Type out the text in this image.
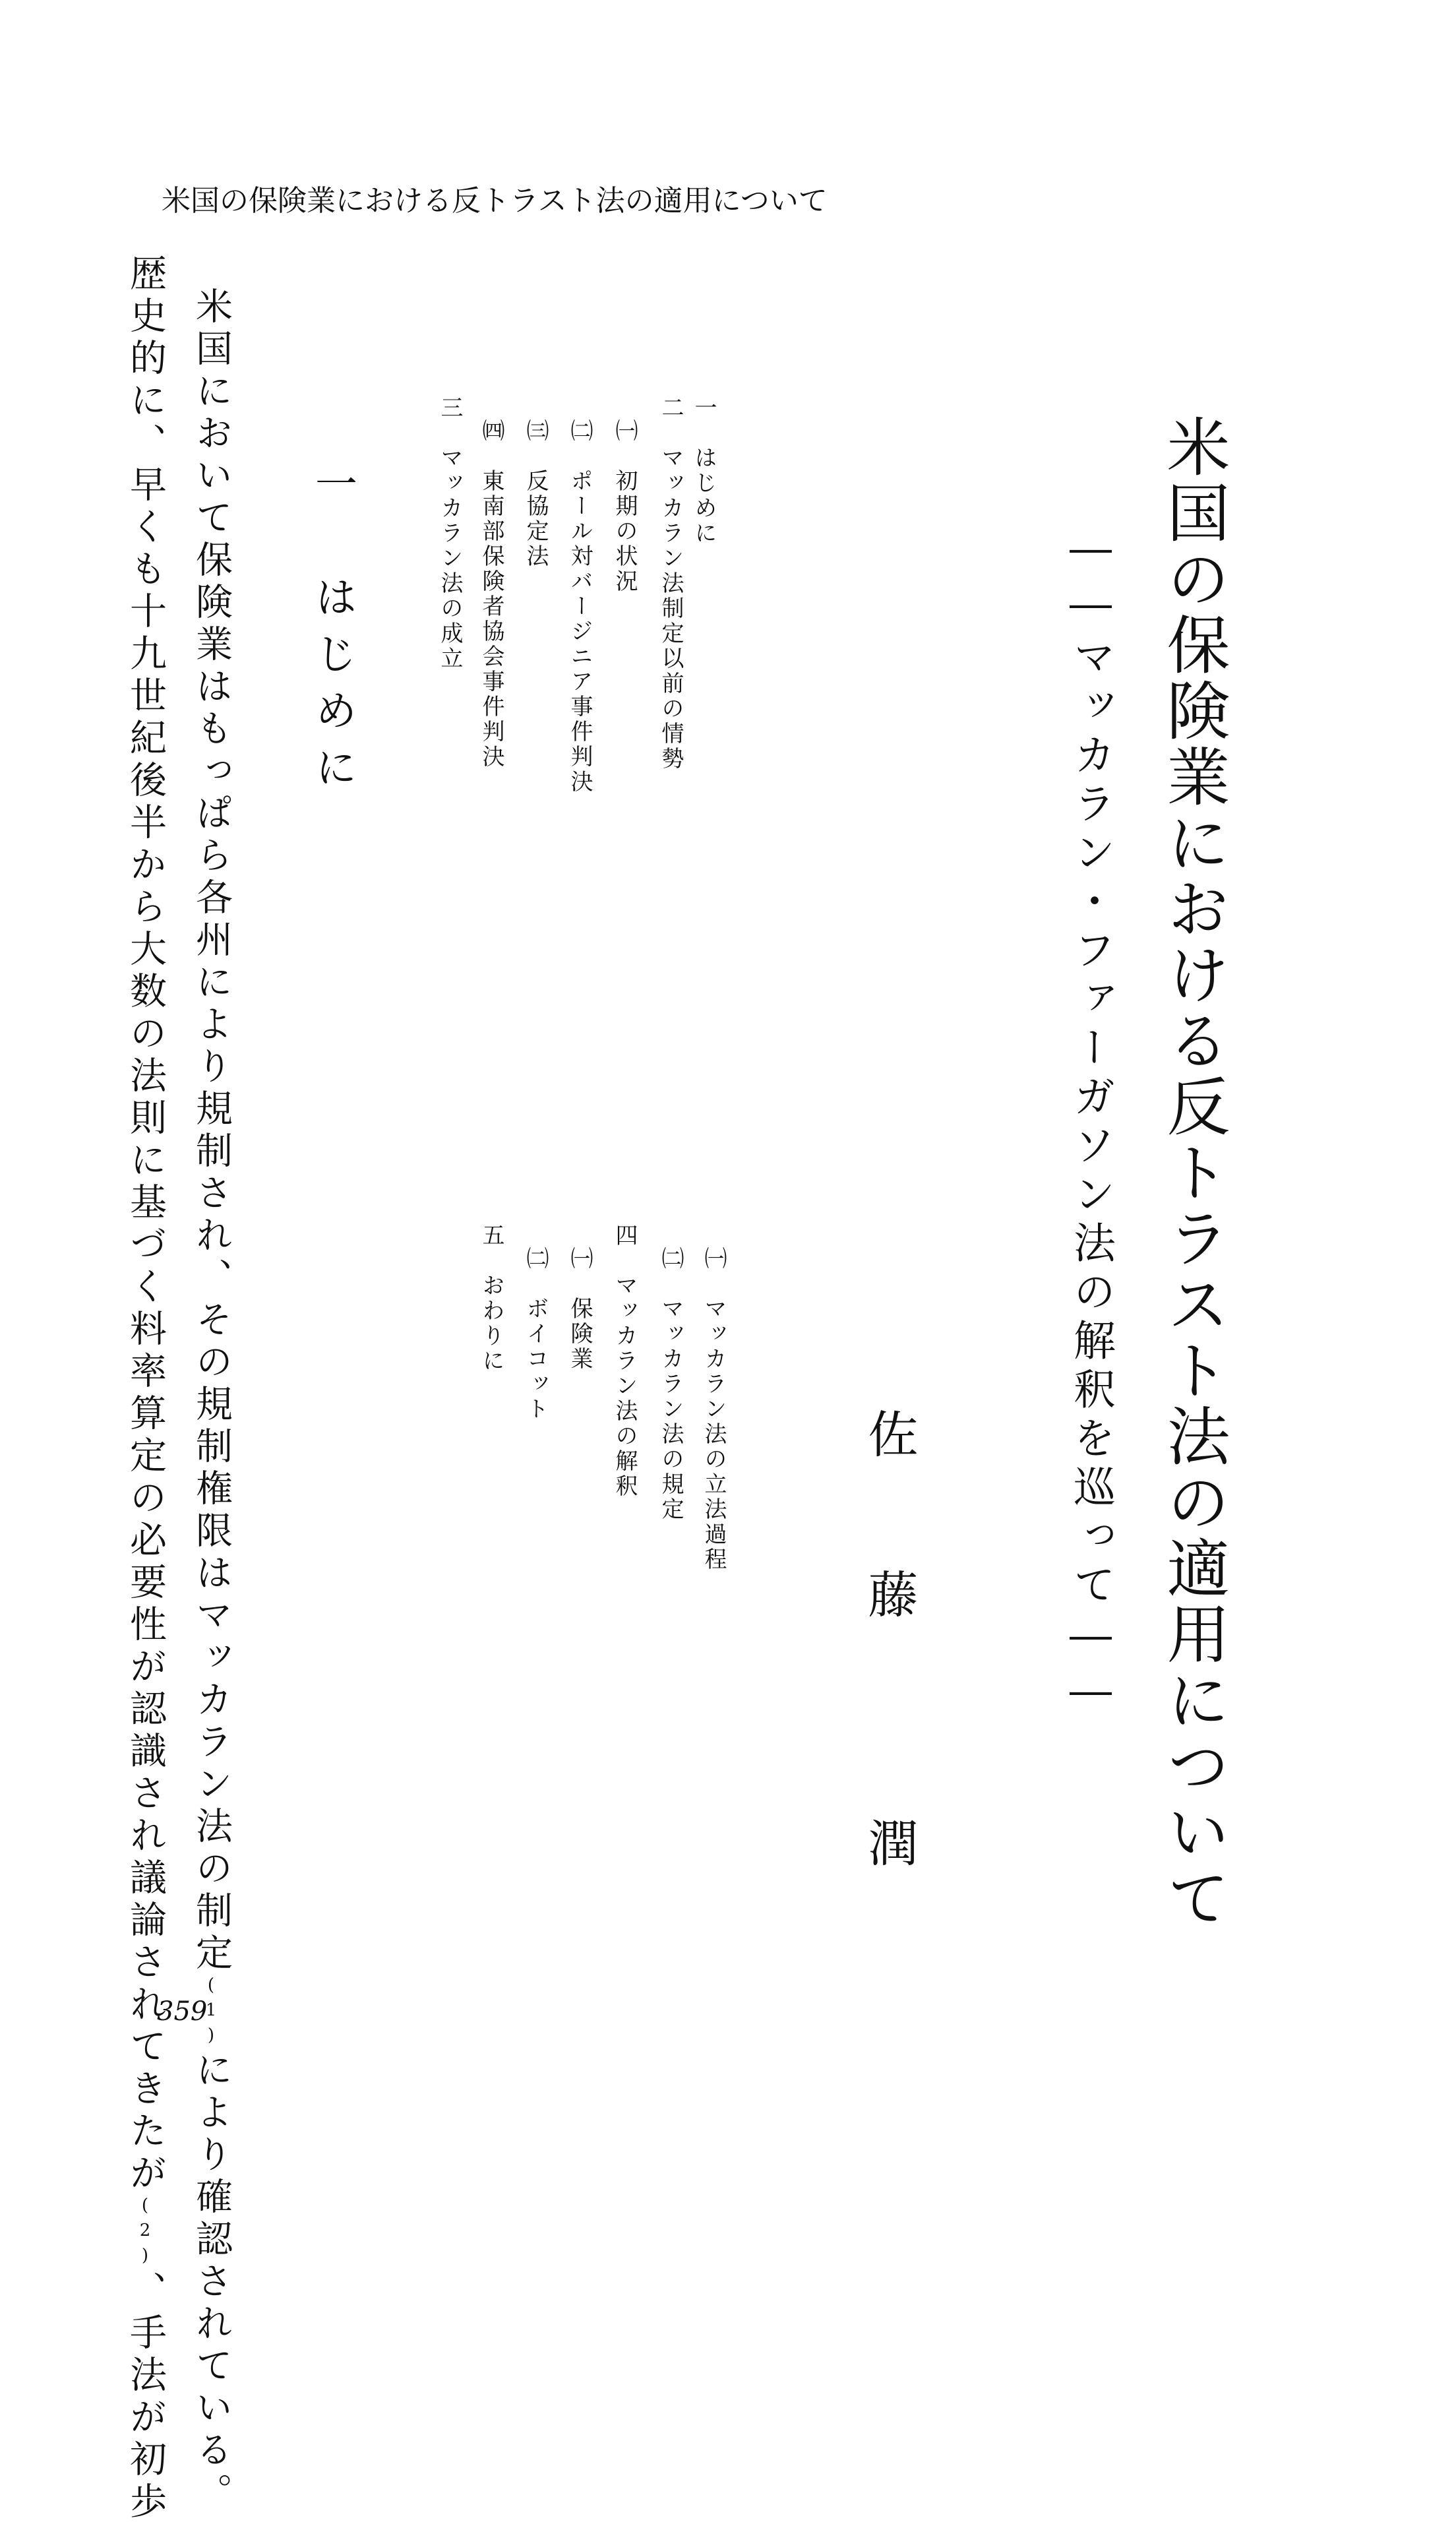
米国の保険業における反トラスト法の適用について
米国の保険業における反トラスト法の適用について
――マッカラン・ファーガソン法の解釈を巡って――
佐
藤
潤
一　はじめに
二　マッカラン法制定以前の情勢
㈠　初期の状況
㈡　ポール対バージニア事件判決
㈢　反協定法
㈣　東南部保険者協会事件判決
三　マッカラン法の成立
㈠　マッカラン法の立法過程
㈡　マッカラン法の規定
四　マッカラン法の解釈
㈠　保険業
㈡　ボイコット
五　おわりに
一　はじめに
米国において保険業はもっぱら各州により規制され、その規制権限はマッカラン法の制定(1)により確認されている。
歴史的に、早くも十九世紀後半から大数の法則に基づく料率算定の必要性が認識され議論されてきたが(2)、手法が初歩
359
